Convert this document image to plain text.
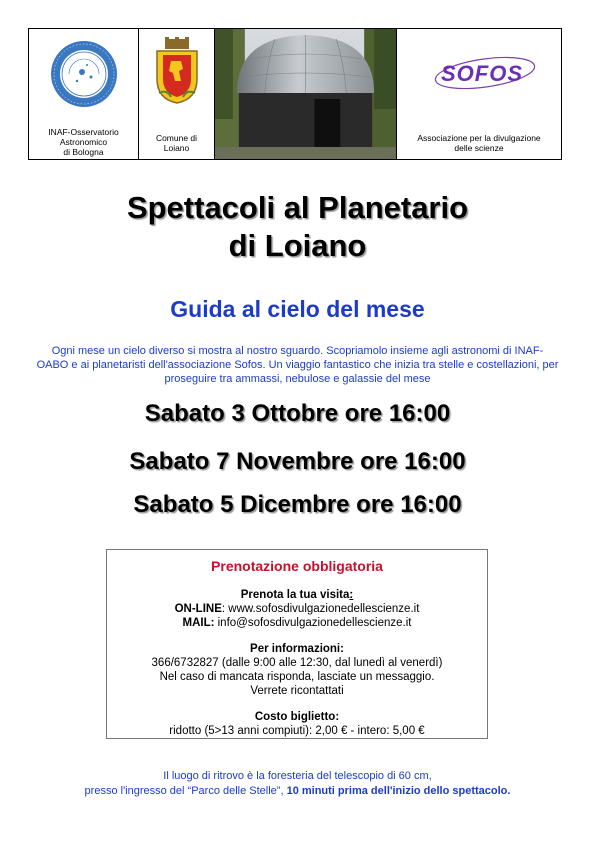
INAF-Osservatorio
Astronomico
di Bologna
Comune di
Loiano
SOFOS
Associazione per la divulgazione
delle scienze
Spettacoli al Planetario
di Loiano
Guida al cielo del mese
Ogni mese un cielo diverso si mostra al nostro sguardo. Scopriamolo insieme agli astronomi di INAF-OABO e ai planetaristi dell'associazione Sofos. Un viaggio fantastico che inizia tra stelle e costellazioni, per proseguire tra ammassi, nebulose e galassie del mese
Sabato 3 Ottobre ore 16:00
Sabato 7 Novembre ore 16:00
Sabato 5 Dicembre ore 16:00
Prenotazione obbligatoria

Prenota la tua visita:

ON-LINE: www.sofosdivulgazionedellescienze.it

MAIL: info@sofosdivulgazionedellescienze.it

Per informazioni:

366/6732827 (dalle 9:00 alle 12:30, dal lunedì al venerdì)

Nel caso di mancata risponda, lasciate un messaggio.

Verrete ricontattati

Costo biglietto:

ridotto (5>13 anni compiuti): 2,00 € - intero: 5,00 €

Il luogo di ritrovo è la foresteria del telescopio di 60 cm,
presso l'ingresso del “Parco delle Stelle”, 10 minuti prima dell'inizio dello spettacolo.
